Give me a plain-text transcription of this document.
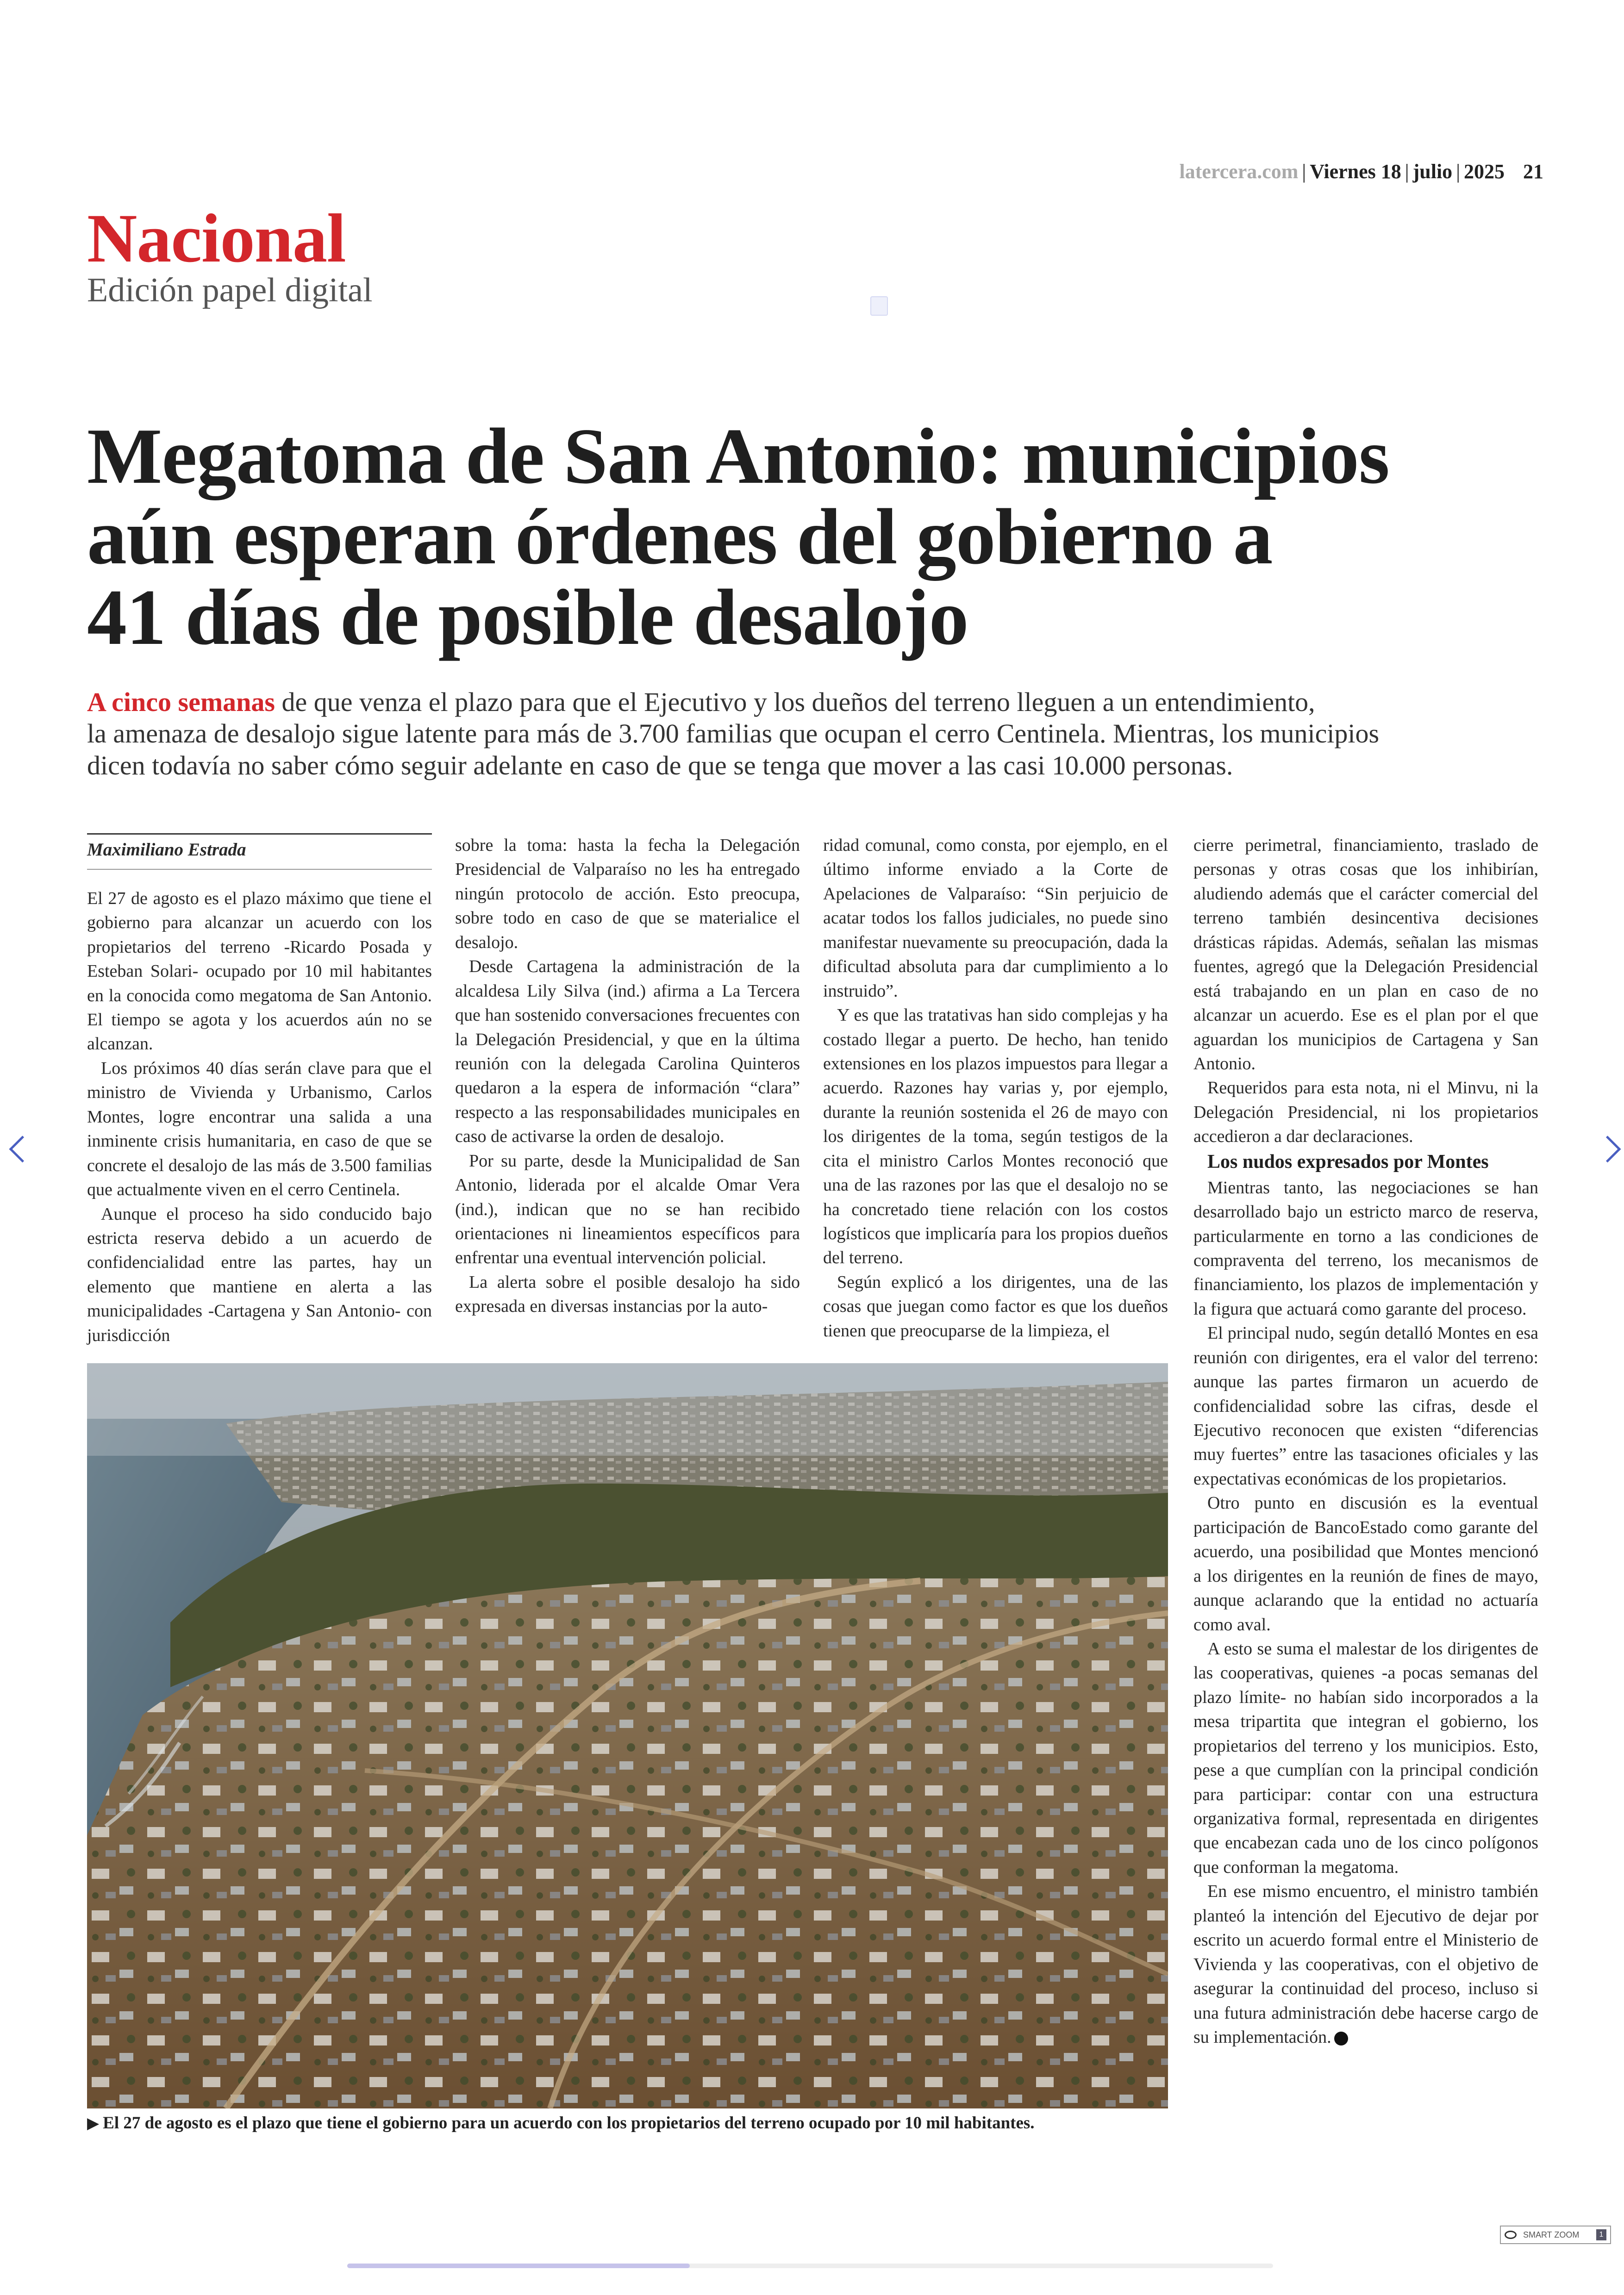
latercera.com | Viernes 18 | julio | 2025 21
Nacional
Edición papel digital
Megatoma de San Antonio: municipios
aún esperan órdenes del gobierno a
41 días de posible desalojo
A cinco semanas de que venza el plazo para que el Ejecutivo y los dueños del terreno lleguen a un entendimiento,
la amenaza de desalojo sigue latente para más de 3.700 familias que ocupan el cerro Centinela. Mientras, los municipios
dicen todavía no saber cómo seguir adelante en caso de que se tenga que mover a las casi 10.000 personas.
Maximiliano Estrada

El 27 de agosto es el plazo máximo que tiene el gobierno para alcanzar un acuerdo con los propietarios del terreno -Ricardo Posada y Esteban Solari- ocupado por 10 mil habitantes en la conocida como megatoma de San Antonio. El tiempo se agota y los acuerdos aún no se alcanzan.

Los próximos 40 días serán clave para que el ministro de Vivienda y Urbanismo, Carlos Montes, logre encontrar una salida a una inminente crisis humanitaria, en caso de que se concrete el desalojo de las más de 3.500 familias que actualmente viven en el cerro Centinela.

Aunque el proceso ha sido conducido bajo estricta reserva debido a un acuerdo de confidencialidad entre las partes, hay un elemento que mantiene en alerta a las municipalidades -Cartagena y San Antonio- con jurisdicción

sobre la toma: hasta la fecha la Delegación Presidencial de Valparaíso no les ha entregado ningún protocolo de acción. Esto preocupa, sobre todo en caso de que se materialice el desalojo.

Desde Cartagena la administración de la alcaldesa Lily Silva (ind.) afirma a La Tercera que han sostenido conversaciones frecuentes con la Delegación Presidencial, y que en la última reunión con la delegada Carolina Quinteros quedaron a la espera de información “clara” respecto a las responsabilidades municipales en caso de activarse la orden de desalojo.

Por su parte, desde la Municipalidad de San Antonio, liderada por el alcalde Omar Vera (ind.), indican que no se han recibido orientaciones ni lineamientos específicos para enfrentar una eventual intervención policial.

La alerta sobre el posible desalojo ha sido expresada en diversas instancias por la auto-

ridad comunal, como consta, por ejemplo, en el último informe enviado a la Corte de Apelaciones de Valparaíso: “Sin perjuicio de acatar todos los fallos judiciales, no puede sino manifestar nuevamente su preocupación, dada la dificultad absoluta para dar cumplimiento a lo instruido”.

Y es que las tratativas han sido complejas y ha costado llegar a puerto. De hecho, han tenido extensiones en los plazos impuestos para llegar a acuerdo. Razones hay varias y, por ejemplo, durante la reunión sostenida el 26 de mayo con los dirigentes de la toma, según testigos de la cita el ministro Carlos Montes reconoció que una de las razones por las que el desalojo no se ha concretado tiene relación con los costos logísticos que implicaría para los propios dueños del terreno.

Según explicó a los dirigentes, una de las cosas que juegan como factor es que los dueños tienen que preocuparse de la limpieza, el

cierre perimetral, financiamiento, traslado de personas y otras cosas que los inhibirían, aludiendo además que el carácter comercial del terreno también desincentiva decisiones drásticas rápidas. Además, señalan las mismas fuentes, agregó que la Delegación Presidencial está trabajando en un plan en caso de no alcanzar un acuerdo. Ese es el plan por el que aguardan los municipios de Cartagena y San Antonio.

Requeridos para esta nota, ni el Minvu, ni la Delegación Presidencial, ni los propietarios accedieron a dar declaraciones.

Los nudos expresados por Montes

Mientras tanto, las negociaciones se han desarrollado bajo un estricto marco de reserva, particularmente en torno a las condiciones de compraventa del terreno, los mecanismos de financiamiento, los plazos de implementación y la figura que actuará como garante del proceso.

El principal nudo, según detalló Montes en esa reunión con dirigentes, era el valor del terreno: aunque las partes firmaron un acuerdo de confidencialidad sobre las cifras, desde el Ejecutivo reconocen que existen “diferencias muy fuertes” entre las tasaciones oficiales y las expectativas económicas de los propietarios.

Otro punto en discusión es la eventual participación de BancoEstado como garante del acuerdo, una posibilidad que Montes mencionó a los dirigentes en la reunión de fines de mayo, aunque aclarando que la entidad no actuaría como aval.

A esto se suma el malestar de los dirigentes de las cooperativas, quienes -a pocas semanas del plazo límite- no habían sido incorporados a la mesa tripartita que integran el gobierno, los propietarios del terreno y los municipios. Esto, pese a que cumplían con la principal condición para participar: contar con una estructura organizativa formal, representada en dirigentes que encabezan cada uno de los cinco polígonos que conforman la megatoma.

En ese mismo encuentro, el ministro también planteó la intención del Ejecutivo de dejar por escrito un acuerdo formal entre el Ministerio de Vivienda y las cooperativas, con el objetivo de asegurar la continuidad del proceso, incluso si una futura administración debe hacerse cargo de su implementación.

▶ El 27 de agosto es el plazo que tiene el gobierno para un acuerdo con los propietarios del terreno ocupado por 10 mil habitantes.
SMART ZOOM	1
